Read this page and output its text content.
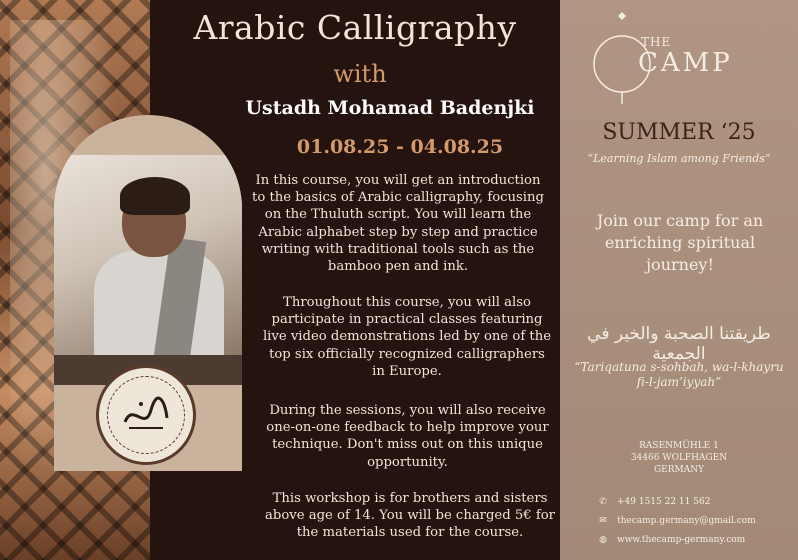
Arabic Calligraphy
with
Ustadh Mohamad Badenjki
01.08.25 - 04.08.25
In this course, you will get an introduction to the basics of Arabic calligraphy, focusing on the Thuluth script. You will learn the Arabic alphabet step by step and practice writing with traditional tools such as the bamboo pen and ink.
Throughout this course, you will also participate in practical classes featuring live video demonstrations led by one of the top six officially recognized calligraphers in Europe.
During the sessions, you will also receive one-on-one feedback to help improve your technique. Don't miss out on this unique opportunity.
This workshop is for brothers and sisters above age of 14. You will be charged 5€ for the materials used for the course.
THE
CAMP
SUMMER ‘25
“Learning Islam among Friends”
Join our camp for an enriching spiritual journey!
طريقتنا الصحبة والخير في الجمعية
“Tariqatuna s-sohbah, wa-l-khayru fi-l-jam’iyyah”
RASENMÜHLE 1
34466 WOLFHAGEN
GERMANY
✆ +49 1515 22 11 562
✉ thecamp.germany@gmail.com
◍ www.thecamp-germany.com
